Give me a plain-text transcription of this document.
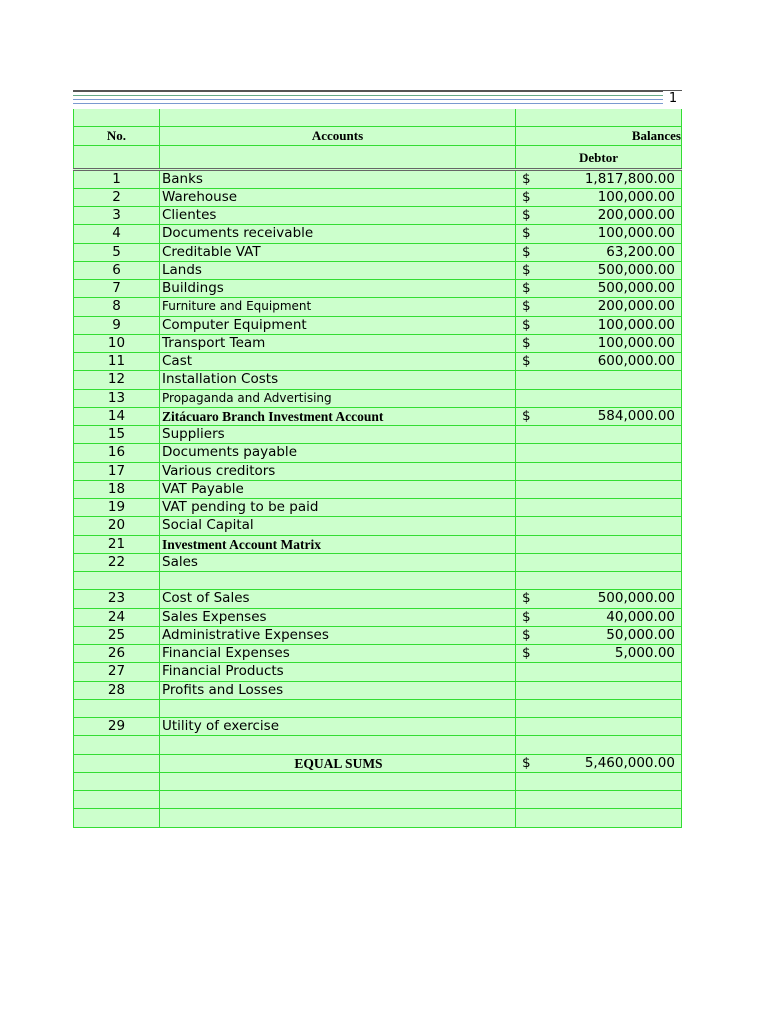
1
No.	Accounts	Balances
Debtor
1	Banks	$	1,817,800.00
2	Warehouse	$	100,000.00
3	Clientes	$	200,000.00
4	Documents receivable	$	100,000.00
5	Creditable VAT	$	63,200.00
6	Lands	$	500,000.00
7	Buildings	$	500,000.00
8	Furniture and Equipment	$	200,000.00
9	Computer Equipment	$	100,000.00
10	Transport Team	$	100,000.00
11	Cast	$	600,000.00
12	Installation Costs
13	Propaganda and Advertising
14	Zitácuaro Branch Investment Account	$	584,000.00
15	Suppliers
16	Documents payable
17	Various creditors
18	VAT Payable
19	VAT pending to be paid
20	Social Capital
21	Investment Account Matrix
22	Sales
23	Cost of Sales	$	500,000.00
24	Sales Expenses	$	40,000.00
25	Administrative Expenses	$	50,000.00
26	Financial Expenses	$	5,000.00
27	Financial Products
28	Profits and Losses
29	Utility of exercise
EQUAL SUMS	$	5,460,000.00
